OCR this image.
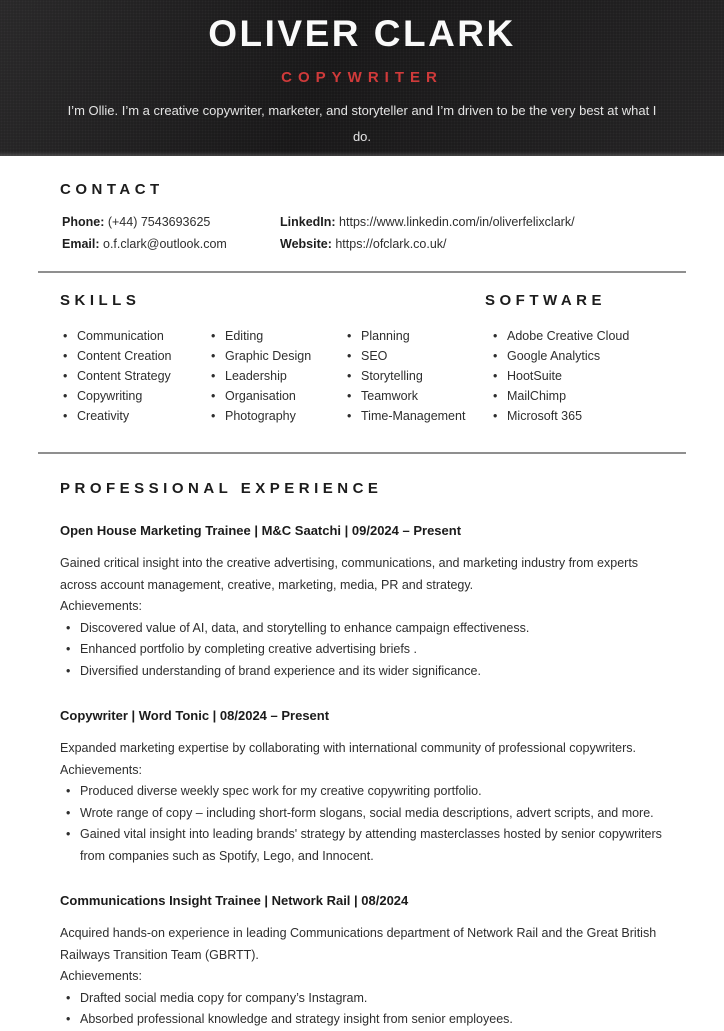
OLIVER CLARK
COPYWRITER

I’m Ollie. I’m a creative copywriter, marketer, and storyteller and I’m driven to be the very best at what I do.

CONTACT
Phone: (+44) 7543693625	LinkedIn: https://www.linkedin.com/in/oliverfelixclark/
Email: o.f.clark@outlook.com	Website: https://ofclark.co.uk/
SKILLS	SOFTWARE
• Communication
• Content Creation
• Content Strategy
• Copywriting
• Creativity
• Editing
• Graphic Design
• Leadership
• Organisation
• Photography
• Planning
• SEO
• Storytelling
• Teamwork
• Time-Management
• Adobe Creative Cloud
• Google Analytics
• HootSuite
• MailChimp
• Microsoft 365
PROFESSIONAL EXPERIENCE
Open House Marketing Trainee | M&C Saatchi | 09/2024 – Present

Gained critical insight into the creative advertising, communications, and marketing industry from experts across account management, creative, marketing, media, PR and strategy.

Achievements:

• Discovered value of AI, data, and storytelling to enhance campaign effectiveness.
• Enhanced portfolio by completing creative advertising briefs .
• Diversified understanding of brand experience and its wider significance.
Copywriter | Word Tonic | 08/2024 – Present

Expanded marketing expertise by collaborating with international community of professional copywriters.

Achievements:

• Produced diverse weekly spec work for my creative copywriting portfolio.
• Wrote range of copy – including short-form slogans, social media descriptions, advert scripts, and more.
• Gained vital insight into leading brands' strategy by attending masterclasses hosted by senior copywriters from companies such as Spotify, Lego, and Innocent.
Communications Insight Trainee | Network Rail | 08/2024

Acquired hands-on experience in leading Communications department of Network Rail and the Great British Railways Transition Team (GBRTT).

Achievements:

• Drafted social media copy for company’s Instagram.
• Absorbed professional knowledge and strategy insight from senior employees.
